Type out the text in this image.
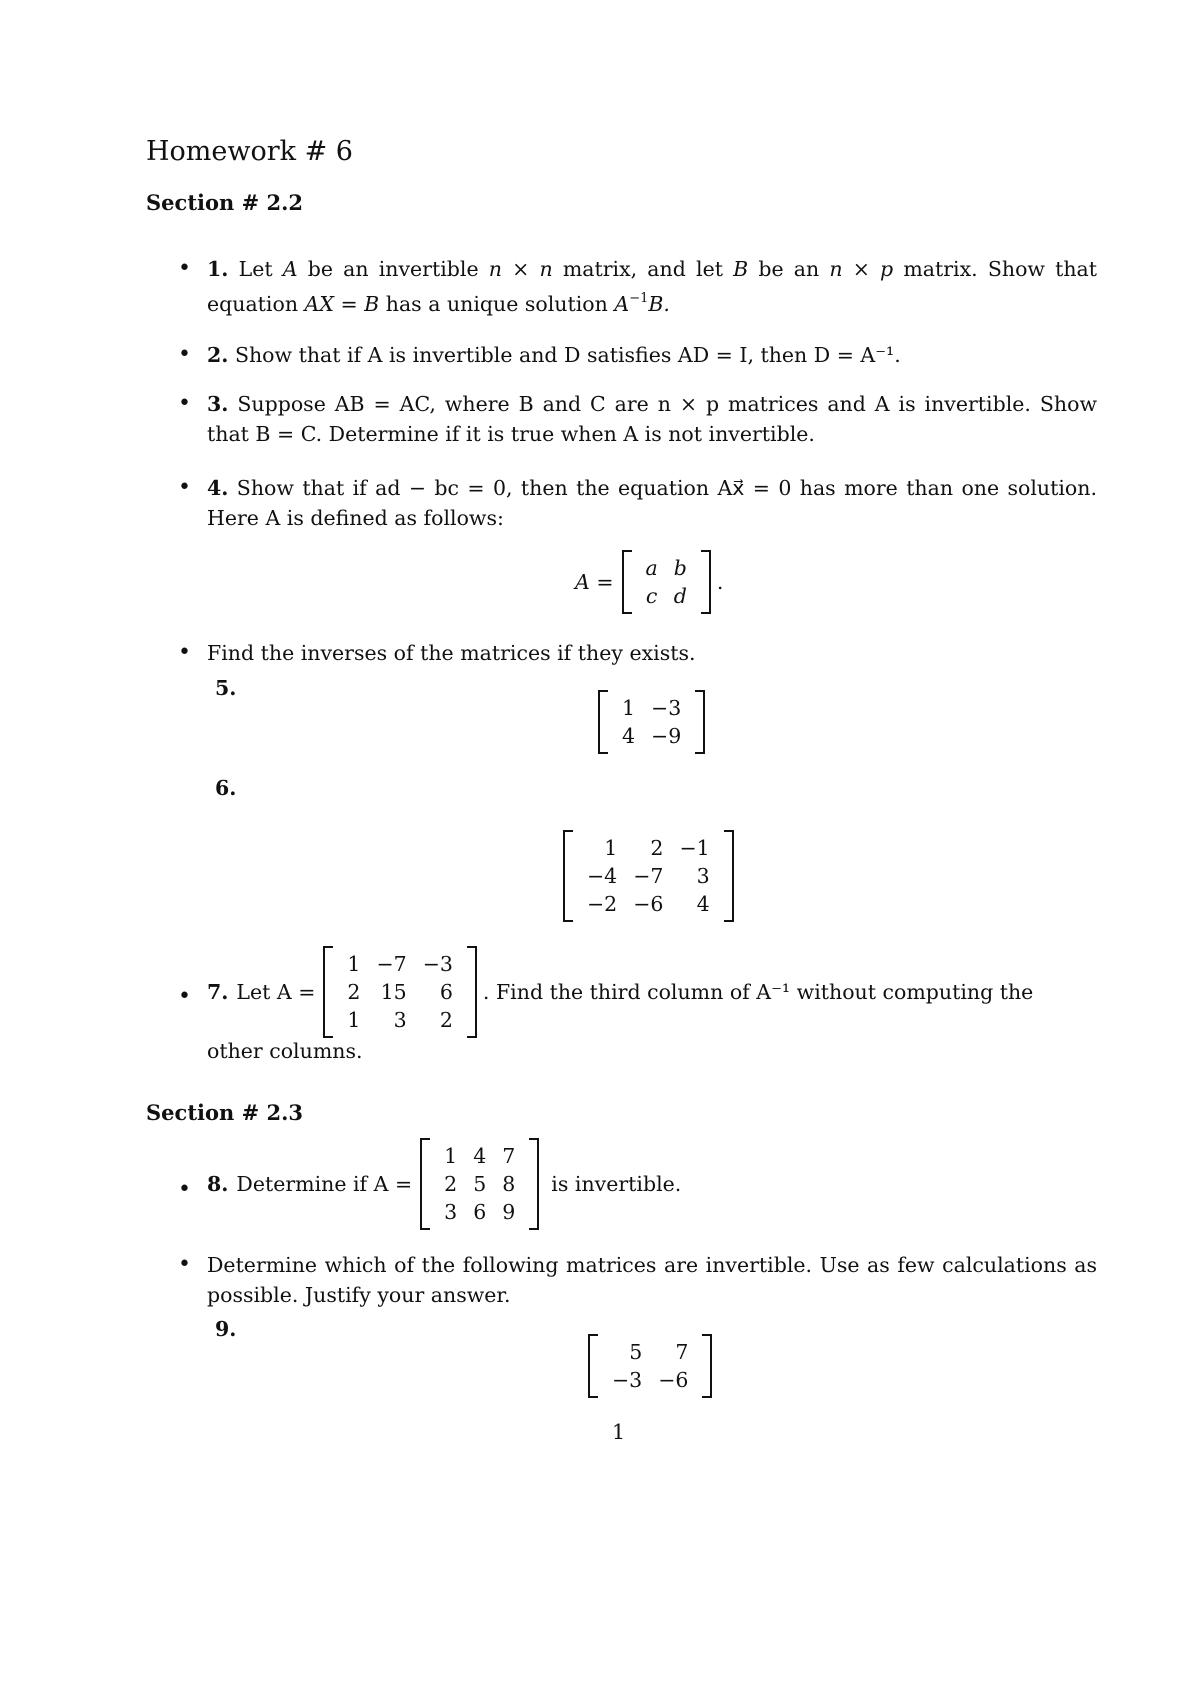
Homework # 6
Section # 2.2
• 1. Let A be an invertible n × n matrix, and let B be an n × p matrix. Show that equation AX = B has a unique solution $A^{-1}B$.
• 2. Show that if A is invertible and D satisfies AD = I, then D = A⁻¹.
• 3. Suppose AB = AC, where B and C are n × p matrices and A is invertible. Show that B = C. Determine if it is true when A is not invertible.
• 4. Show that if ad − bc = 0, then the equation Ax⃗ = 0 has more than one solution. Here A is defined as follows:
A =
a b
c d
.
• Find the inverses of the matrices if they exists.
5.
1 −3
4 −9
6.
1	2 −1
−4 −7	3
−2 −6	4
• 7. Let A =
1 −7 −3
2 15	6
1	3	2
. Find the third column of A⁻¹ without computing the
other columns.
Section # 2.3
• 8. Determine if A =
1 4 7
2 5 8
3 6 9
is invertible.
• Determine which of the following matrices are invertible. Use as few calculations as possible. Justify your answer.
9.
5	7
−3 −6
1
